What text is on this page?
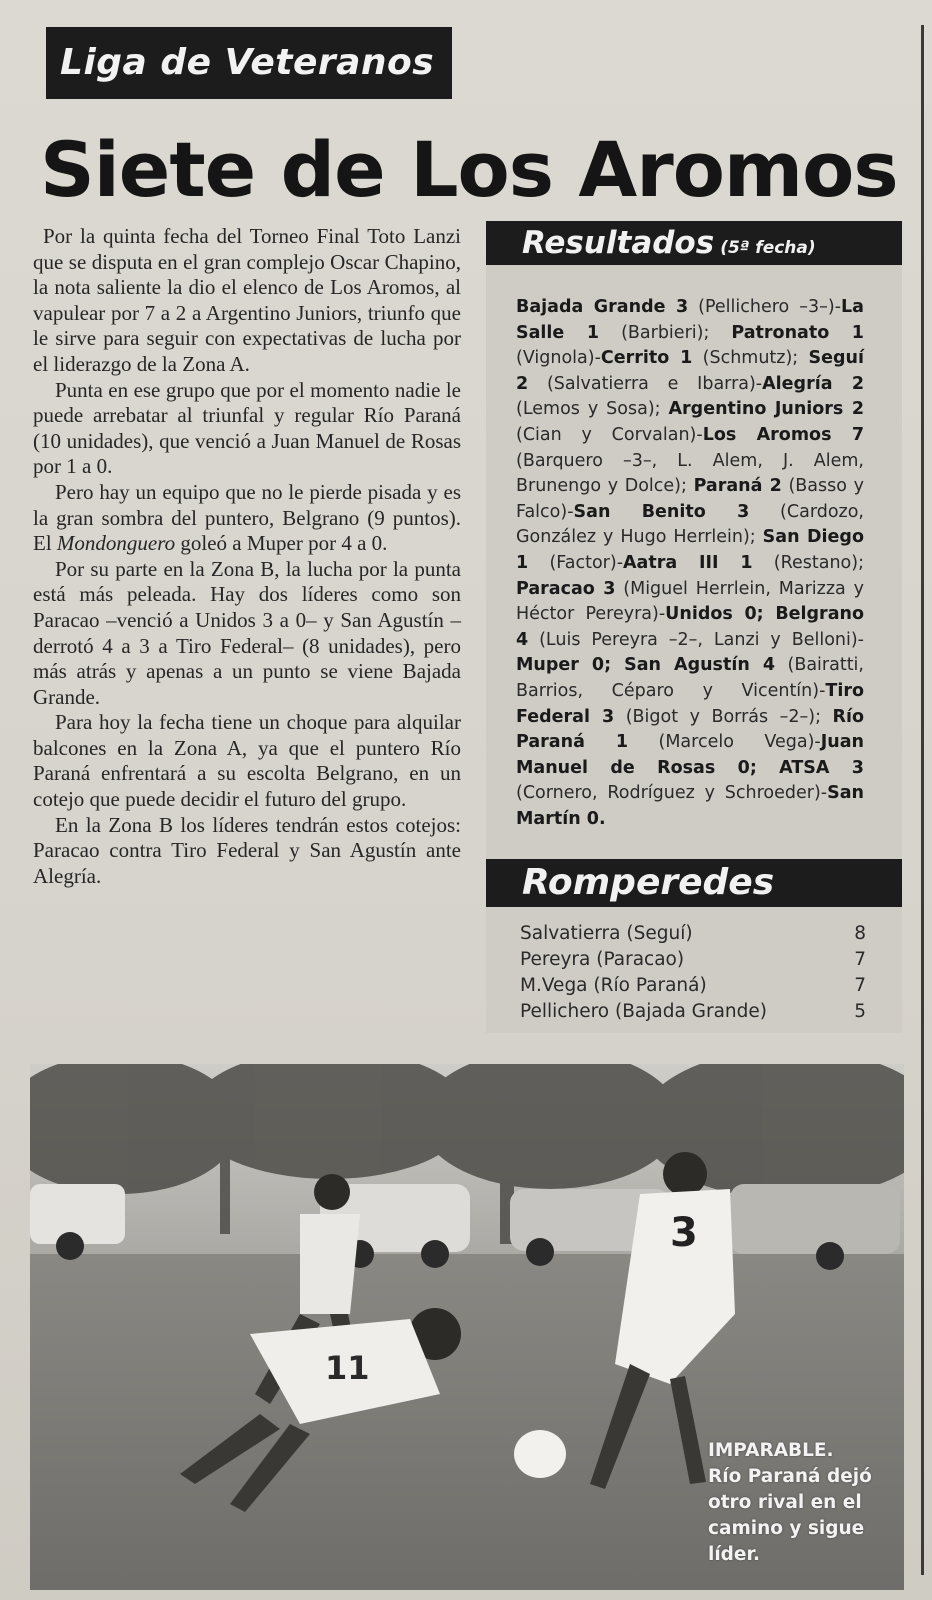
Liga de Veteranos
Siete de Los Aromos

Por la quinta fecha del Torneo Final Toto Lanzi que se disputa en el gran complejo Oscar Chapino, la nota saliente la dio el elenco de Los Aromos, al vapulear por 7 a 2 a Argentino Juniors, triunfo que le sirve para seguir con expectativas de lucha por el liderazgo de la Zona A.

Punta en ese grupo que por el momento nadie le puede arrebatar al triunfal y regular Río Paraná (10 unidades), que venció a Juan Manuel de Rosas por 1 a 0.

Pero hay un equipo que no le pierde pisada y es la gran sombra del puntero, Belgrano (9 puntos). El Mondonguero goleó a Muper por 4 a 0.

Por su parte en la Zona B, la lucha por la punta está más peleada. Hay dos líderes como son Paracao –venció a Unidos 3 a 0– y San Agustín –derrotó 4 a 3 a Tiro Federal– (8 unidades), pero más atrás y apenas a un punto se viene Bajada Grande.

Para hoy la fecha tiene un choque para alquilar balcones en la Zona A, ya que el puntero Río Paraná enfrentará a su escolta Belgrano, en un cotejo que puede decidir el futuro del grupo.

En la Zona B los líderes tendrán estos cotejos: Paracao contra Tiro Federal y San Agustín ante Alegría.

Resultados (5ª fecha)
Bajada Grande 3 (Pellichero –3–)-La Salle 1 (Barbieri); Patronato 1 (Vignola)-Cerrito 1 (Schmutz); Seguí 2 (Salvatierra e Ibarra)-Alegría 2 (Lemos y Sosa); Argentino Juniors 2 (Cian y Corvalan)-Los Aromos 7 (Barquero –3–, L. Alem, J. Alem, Brunengo y Dolce); Paraná 2 (Basso y Falco)-San Benito 3 (Cardozo, González y Hugo Herrlein); San Diego 1 (Factor)-Aatra III 1 (Restano); Paracao 3 (Miguel Herrlein, Marizza y Héctor Pereyra)-Unidos 0; Belgrano 4 (Luis Pereyra –2–, Lanzi y Belloni)-Muper 0; San Agustín 4 (Bairatti, Barrios, Céparo y Vicentín)-Tiro Federal 3 (Bigot y Borrás –2–); Río Paraná 1 (Marcelo Vega)-Juan Manuel de Rosas 0; ATSA 3 (Cornero, Rodríguez y Schroeder)-San Martín 0.
Romperedes
Salvatierra (Seguí)	8
Pereyra (Paracao)	7
M.Vega (Río Paraná)	7
Pellichero (Bajada Grande)	5
11
3
IMPARABLE.
Río Paraná dejó otro rival en el camino y sigue líder.
